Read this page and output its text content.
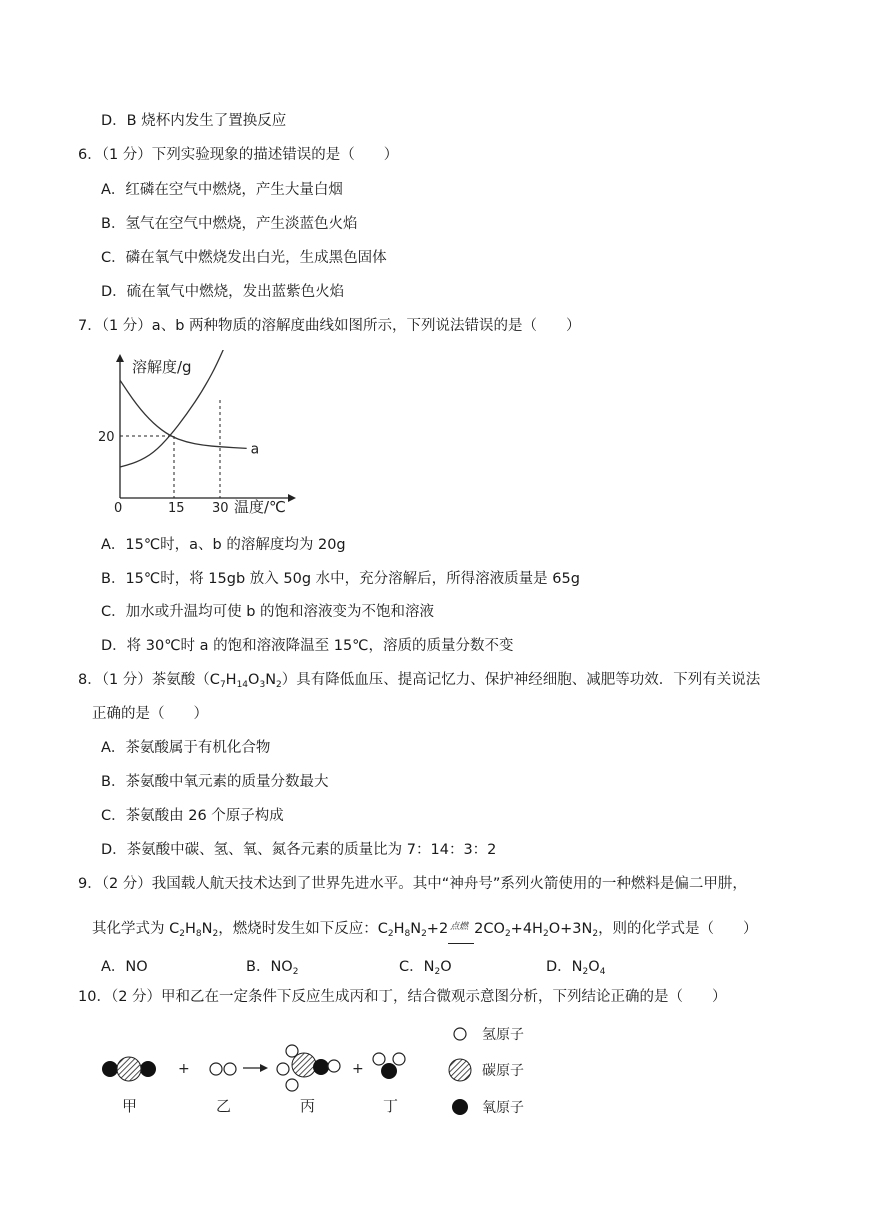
D．B 烧杯内发生了置换反应
6．（1 分）下列实验现象的描述错误的是（　　）
A．红磷在空气中燃烧，产生大量白烟
B．氢气在空气中燃烧，产生淡蓝色火焰
C．磷在氧气中燃烧发出白光，生成黑色固体
D．硫在氧气中燃烧，发出蓝紫色火焰
7．（1 分）a、b 两种物质的溶解度曲线如图所示，下列说法错误的是（　　）
溶解度/g
温度/℃
0	15 30
20
a
A．15℃时，a、b 的溶解度均为 20g
B．15℃时，将 15gb 放入 50g 水中，充分溶解后，所得溶液质量是 65g
C．加水或升温均可使 b 的饱和溶液变为不饱和溶液
D．将 30℃时 a 的饱和溶液降温至 15℃，溶质的质量分数不变
8．（1 分）茶氨酸$(C_7H_{14}O_3N_2)$具有降低血压、提高记忆力、保护神经细胞、减肥等功效．下列有关说法
正确的是（　　）
A．茶氨酸属于有机化合物
B．茶氨酸中氧元素的质量分数最大
C．茶氨酸由 26 个原子构成
D．茶氨酸中碳、氢、氧、氮各元素的质量比为 7：14：3：2
9．（2 分）我国载人航天技术达到了世界先进水平。其中“神舟号”系列火箭使用的一种燃料是偏二甲肼，
其化学式为 $C_2H_8N_2$，燃烧时发生如下反应：$C_2H_8N_2+2$ 点燃 $2CO_2+4H_2O+3N_2$，则的化学式是（　　）
A．NO	B．$NO_2$	C．$N_2O$	D．$N_2O_4$
10．（2 分）甲和乙在一定条件下反应生成丙和丁，结合微观示意图分析，下列结论正确的是（　　）
+	+
甲	乙	丙	丁
氢原子
碳原子
氧原子
